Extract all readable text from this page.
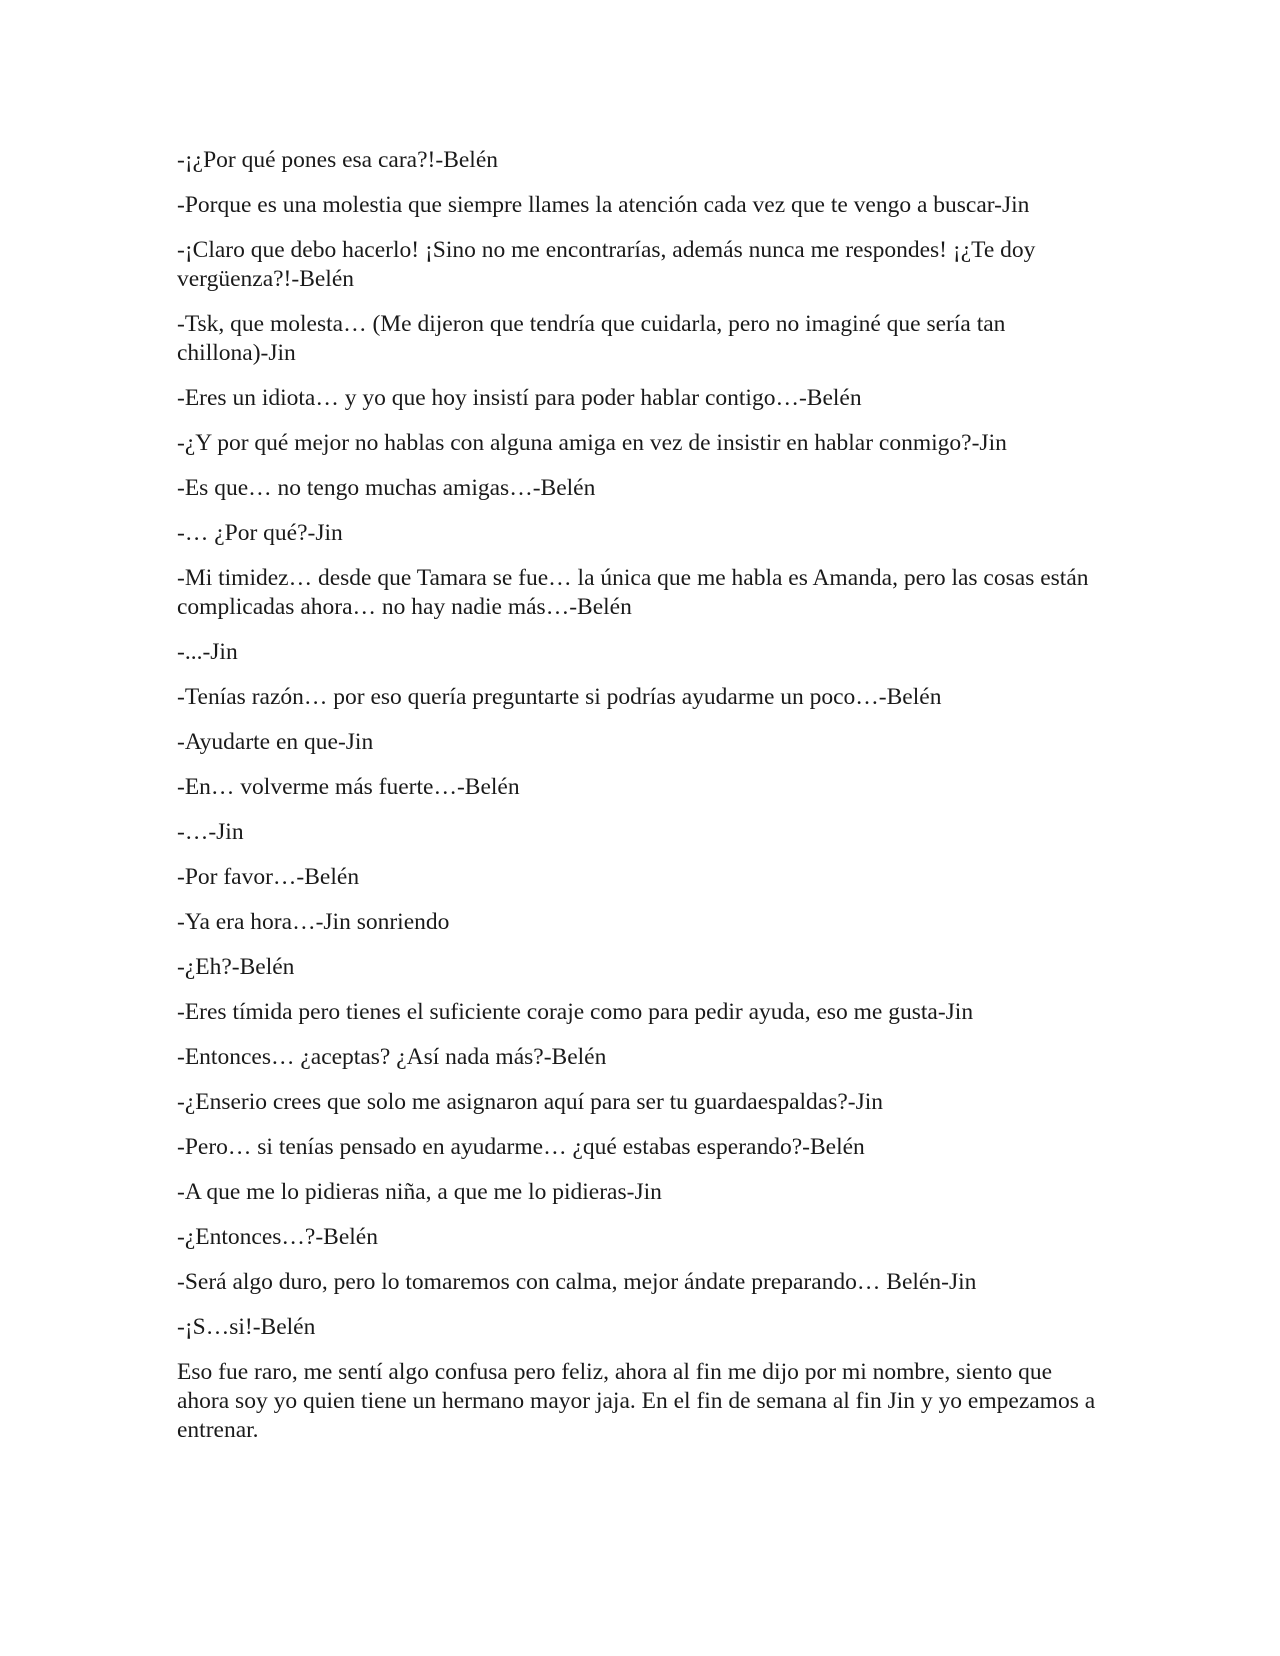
-¡¿Por qué pones esa cara?!-Belén

-Porque es una molestia que siempre llames la atención cada vez que te vengo a buscar-Jin

-¡Claro que debo hacerlo! ¡Sino no me encontrarías, además nunca me respondes! ¡¿Te doy vergüenza?!-Belén

-Tsk, que molesta… (Me dijeron que tendría que cuidarla, pero no imaginé que sería tan chillona)-Jin

-Eres un idiota… y yo que hoy insistí para poder hablar contigo…-Belén

-¿Y por qué mejor no hablas con alguna amiga en vez de insistir en hablar conmigo?-Jin

-Es que… no tengo muchas amigas…-Belén

-… ¿Por qué?-Jin

-Mi timidez… desde que Tamara se fue… la única que me habla es Amanda, pero las cosas están complicadas ahora… no hay nadie más…-Belén

-...-Jin

-Tenías razón… por eso quería preguntarte si podrías ayudarme un poco…-Belén

-Ayudarte en que-Jin

-En… volverme más fuerte…-Belén

-…-Jin

-Por favor…-Belén

-Ya era hora…-Jin sonriendo

-¿Eh?-Belén

-Eres tímida pero tienes el suficiente coraje como para pedir ayuda, eso me gusta-Jin

-Entonces… ¿aceptas? ¿Así nada más?-Belén

-¿Enserio crees que solo me asignaron aquí para ser tu guardaespaldas?-Jin

-Pero… si tenías pensado en ayudarme… ¿qué estabas esperando?-Belén

-A que me lo pidieras niña, a que me lo pidieras-Jin

-¿Entonces…?-Belén

-Será algo duro, pero lo tomaremos con calma, mejor ándate preparando… Belén-Jin

-¡S…si!-Belén

Eso fue raro, me sentí algo confusa pero feliz, ahora al fin me dijo por mi nombre, siento que ahora soy yo quien tiene un hermano mayor jaja. En el fin de semana al fin Jin y yo empezamos a entrenar.
